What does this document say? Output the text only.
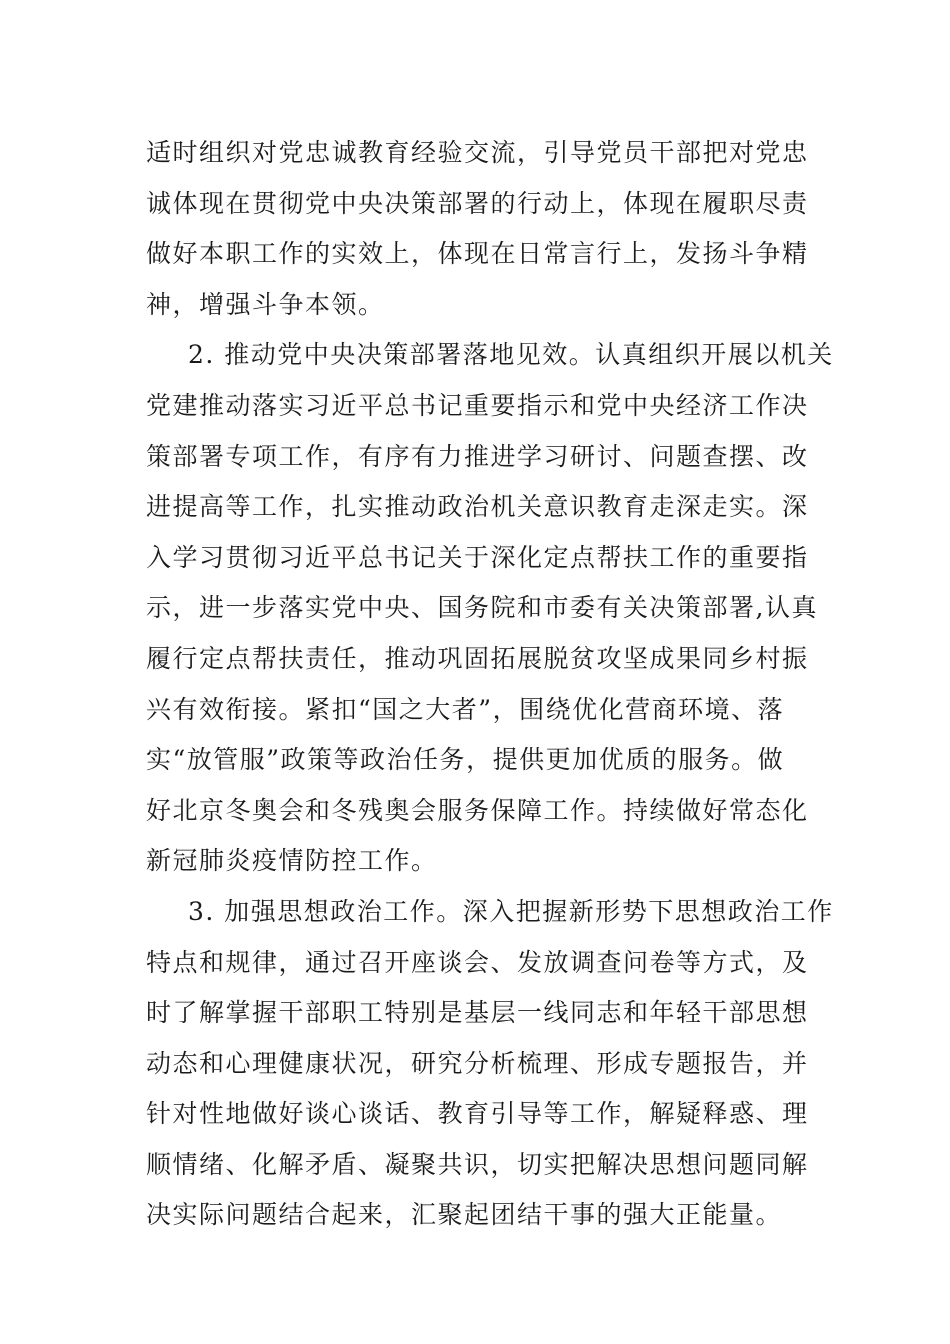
适时组织对党忠诚教育经验交流，引导党员干部把对党忠
诚体现在贯彻党中央决策部署的行动上，体现在履职尽责
做好本职工作的实效上，体现在日常言行上，发扬斗争精
神，增强斗争本领。
2. 推动党中央决策部署落地见效。认真组织开展以机关
党建推动落实习近平总书记重要指示和党中央经济工作决
策部署专项工作，有序有力推进学习研讨、问题查摆、改
进提高等工作，扎实推动政治机关意识教育走深走实。深
入学习贯彻习近平总书记关于深化定点帮扶工作的重要指
示，进一步落实党中央、国务院和市委有关决策部署,认真
履行定点帮扶责任，推动巩固拓展脱贫攻坚成果同乡村振
兴有效衔接。紧扣“国之大者”，围绕优化营商环境、落
实“放管服”政策等政治任务，提供更加优质的服务。做
好北京冬奥会和冬残奥会服务保障工作。持续做好常态化
新冠肺炎疫情防控工作。
3. 加强思想政治工作。深入把握新形势下思想政治工作
特点和规律，通过召开座谈会、发放调查问卷等方式，及
时了解掌握干部职工特别是基层一线同志和年轻干部思想
动态和心理健康状况，研究分析梳理、形成专题报告，并
针对性地做好谈心谈话、教育引导等工作，解疑释惑、理
顺情绪、化解矛盾、凝聚共识，切实把解决思想问题同解
决实际问题结合起来，汇聚起团结干事的强大正能量。
